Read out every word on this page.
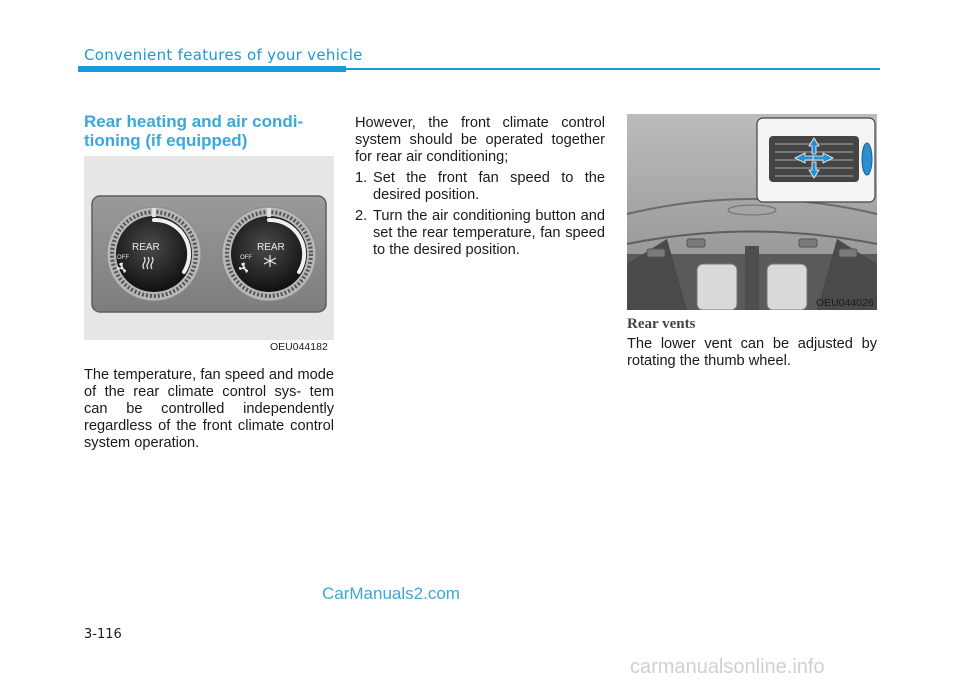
Convenient features of your vehicle
Rear heating and air condi- tioning (if equipped)
REAR
OFF
REAR
OFF
OEU044182
The temperature, fan speed and mode of the rear climate control sys- tem can be controlled independently regardless of the front climate control system operation.

However, the front climate control system should be operated together for rear air conditioning;

1. Set the front fan speed to the desired position.
2. Turn the air conditioning button and set the rear temperature, fan speed to the desired position.
OEU044026
Rear vents
The lower vent can be adjusted by rotating the thumb wheel.
CarManuals2.com
3-116
carmanualsonline.info
